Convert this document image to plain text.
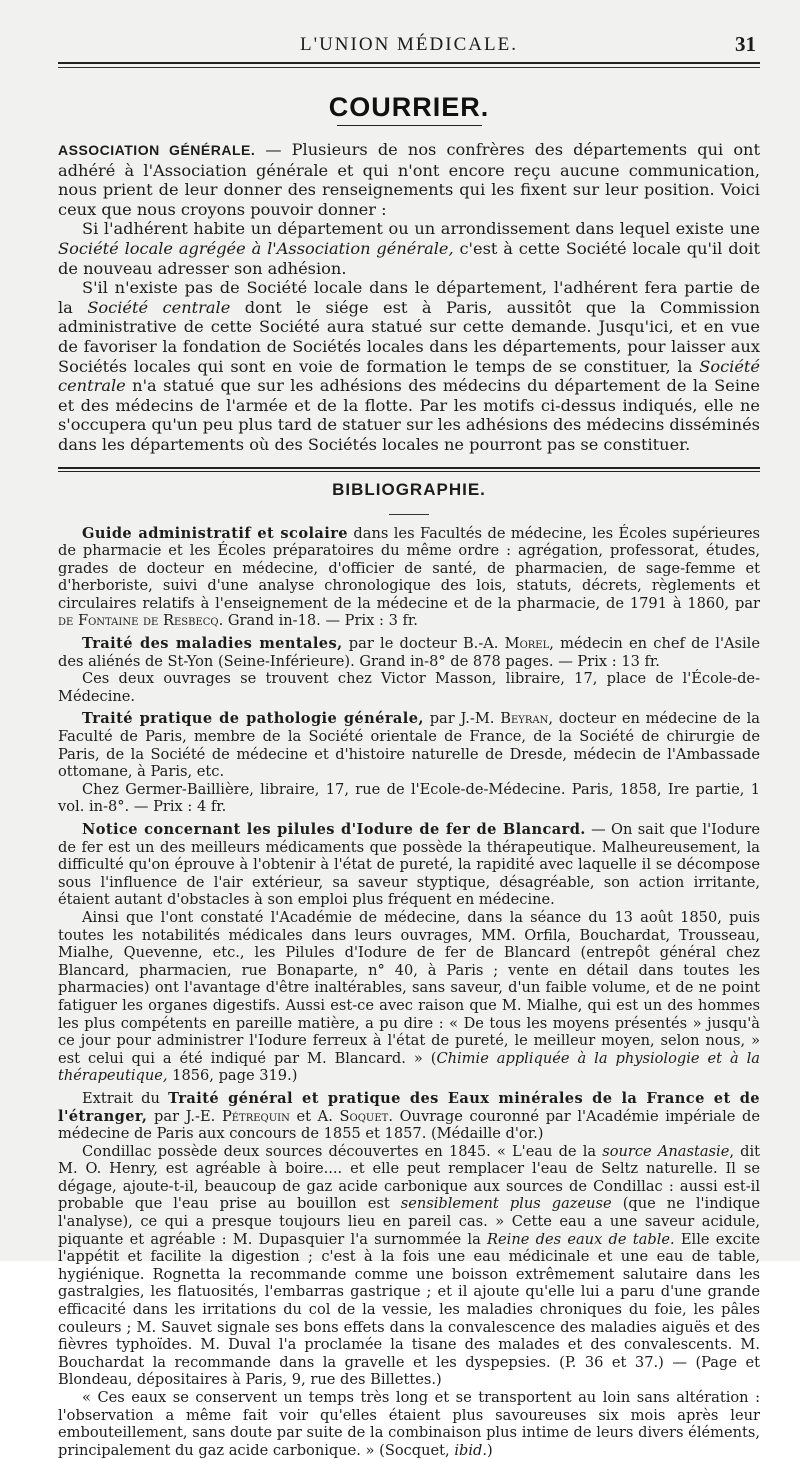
L'UNION MÉDICALE.	31
COURRIER.

ASSOCIATION GÉNÉRALE. — Plusieurs de nos confrères des départements qui ont adhéré à l'Association générale et qui n'ont encore reçu aucune communication, nous prient de leur donner des renseignements qui les fixent sur leur position. Voici ceux que nous croyons pouvoir donner :

Si l'adhérent habite un département ou un arrondissement dans lequel existe une Société locale agrégée à l'Association générale, c'est à cette Société locale qu'il doit de nouveau adresser son adhésion.

S'il n'existe pas de Société locale dans le département, l'adhérent fera partie de la Société centrale dont le siége est à Paris, aussitôt que la Commission administrative de cette Société aura statué sur cette demande. Jusqu'ici, et en vue de favoriser la fondation de Sociétés locales dans les départements, pour laisser aux Sociétés locales qui sont en voie de formation le temps de se constituer, la Société centrale n'a statué que sur les adhésions des médecins du département de la Seine et des médecins de l'armée et de la flotte. Par les motifs ci-dessus indiqués, elle ne s'occupera qu'un peu plus tard de statuer sur les adhésions des médecins disséminés dans les départements où des Sociétés locales ne pourront pas se constituer.

BIBLIOGRAPHIE.

Guide administratif et scolaire dans les Facultés de médecine, les Écoles supérieures de pharmacie et les Écoles préparatoires du même ordre : agrégation, professorat, études, grades de docteur en médecine, d'officier de santé, de pharmacien, de sage-femme et d'herboriste, suivi d'une analyse chronologique des lois, statuts, décrets, règlements et circulaires relatifs à l'enseignement de la médecine et de la pharmacie, de 1791 à 1860, par de Fontaine de Resbecq. Grand in-18. — Prix : 3 fr.

Traité des maladies mentales, par le docteur B.-A. Morel, médecin en chef de l'Asile des aliénés de St-Yon (Seine-Inférieure). Grand in-8° de 878 pages. — Prix : 13 fr.

Ces deux ouvrages se trouvent chez Victor Masson, libraire, 17, place de l'École-de-Médecine.

Traité pratique de pathologie générale, par J.-M. Beyran, docteur en médecine de la Faculté de Paris, membre de la Société orientale de France, de la Société de chirurgie de Paris, de la Société de médecine et d'histoire naturelle de Dresde, médecin de l'Ambassade ottomane, à Paris, etc.

Chez Germer-Baillière, libraire, 17, rue de l'Ecole-de-Médecine. Paris, 1858, Ire partie, 1 vol. in-8°. — Prix : 4 fr.

Notice concernant les pilules d'Iodure de fer de Blancard. — On sait que l'Iodure de fer est un des meilleurs médicaments que possède la thérapeutique. Malheureusement, la difficulté qu'on éprouve à l'obtenir à l'état de pureté, la rapidité avec laquelle il se décompose sous l'influence de l'air extérieur, sa saveur styptique, désagréable, son action irritante, étaient autant d'obstacles à son emploi plus fréquent en médecine.

Ainsi que l'ont constaté l'Académie de médecine, dans la séance du 13 août 1850, puis toutes les notabilités médicales dans leurs ouvrages, MM. Orfila, Bouchardat, Trousseau, Mialhe, Quevenne, etc., les Pilules d'Iodure de fer de Blancard (entrepôt général chez Blancard, pharmacien, rue Bonaparte, n° 40, à Paris ; vente en détail dans toutes les pharmacies) ont l'avantage d'être inaltérables, sans saveur, d'un faible volume, et de ne point fatiguer les organes digestifs. Aussi est-ce avec raison que M. Mialhe, qui est un des hommes les plus compétents en pareille matière, a pu dire : « De tous les moyens présentés » jusqu'à ce jour pour administrer l'Iodure ferreux à l'état de pureté, le meilleur moyen, selon nous, » est celui qui a été indiqué par M. Blancard. » (Chimie appliquée à la physiologie et à la thérapeutique, 1856, page 319.)

Extrait du Traité général et pratique des Eaux minérales de la France et de l'étranger, par J.-E. Pétrequin et A. Soquet. Ouvrage couronné par l'Académie impériale de médecine de Paris aux concours de 1855 et 1857. (Médaille d'or.)

Condillac possède deux sources découvertes en 1845. « L'eau de la source Anastasie, dit M. O. Henry, est agréable à boire.... et elle peut remplacer l'eau de Seltz naturelle. Il se dégage, ajoute-t-il, beaucoup de gaz acide carbonique aux sources de Condillac : aussi est-il probable que l'eau prise au bouillon est sensiblement plus gazeuse (que ne l'indique l'analyse), ce qui a presque toujours lieu en pareil cas. » Cette eau a une saveur acidule, piquante et agréable : M. Dupasquier l'a surnommée la Reine des eaux de table. Elle excite l'appétit et facilite la digestion ; c'est à la fois une eau médicinale et une eau de table, hygiénique. Rognetta la recommande comme une boisson extrêmement salutaire dans les gastralgies, les flatuosités, l'embarras gastrique ; et il ajoute qu'elle lui a paru d'une grande efficacité dans les irritations du col de la vessie, les maladies chroniques du foie, les pâles couleurs ; M. Sauvet signale ses bons effets dans la convalescence des maladies aiguës et des fièvres typhoïdes. M. Duval l'a proclamée la tisane des malades et des convalescents. M. Bouchardat la recommande dans la gravelle et les dyspepsies. (P. 36 et 37.) — (Page et Blondeau, dépositaires à Paris, 9, rue des Billettes.)

« Ces eaux se conservent un temps très long et se transportent au loin sans altération : l'observation a même fait voir qu'elles étaient plus savoureuses six mois après leur embouteillement, sans doute par suite de la combinaison plus intime de leurs divers éléments, principalement du gaz acide carbonique. » (Socquet, ibid.)
